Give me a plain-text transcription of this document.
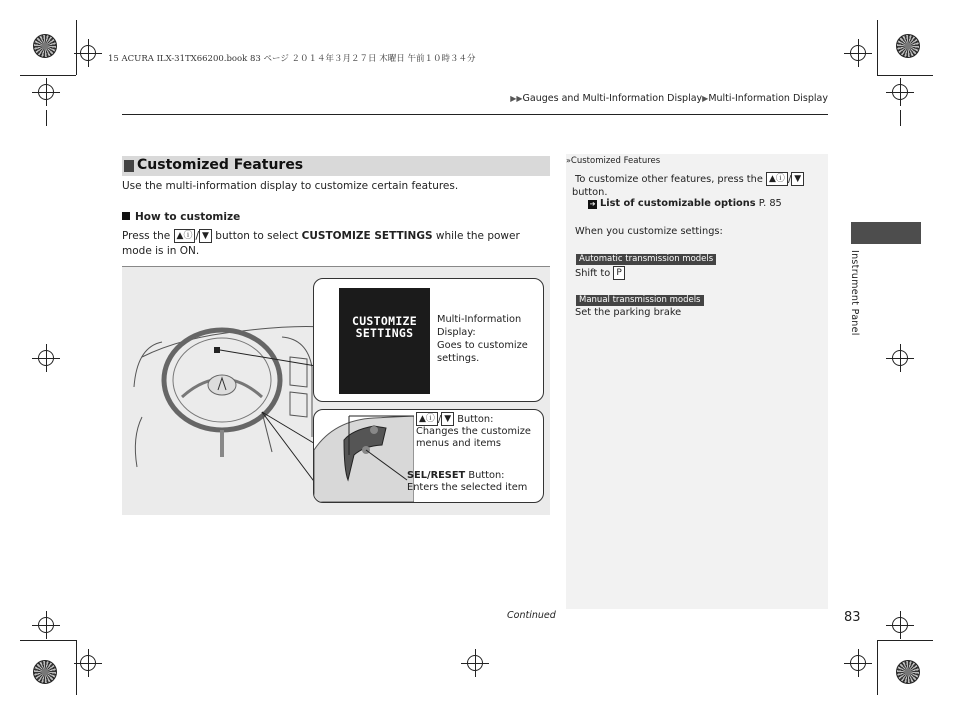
15 ACURA ILX-31TX66200.book 83 ページ ２０１４年３月２７日 木曜日 午前１０時３４分
▶▶Gauges and Multi-Information Display▶Multi-Information Display
Customized Features
Use the multi-information display to customize certain features.
How to customize
Press the ▲ⓘ / ▼ button to select CUSTOMIZE SETTINGS while the power mode is in ON.
CUSTOMIZE
SETTINGS
Multi-Information
Display:
Goes to customize
settings.
▲ⓘ / ▼ Button:
Changes the customize
menus and items
SEL/RESET Button:
Enters the selected item
»Customized Features
To customize other features, press the ▲ⓘ / ▼
button.
➔ List of customizable options P. 85
When you customize settings:
Automatic transmission models
Shift to P
Manual transmission models
Set the parking brake	Instrument Panel
Continued	83
